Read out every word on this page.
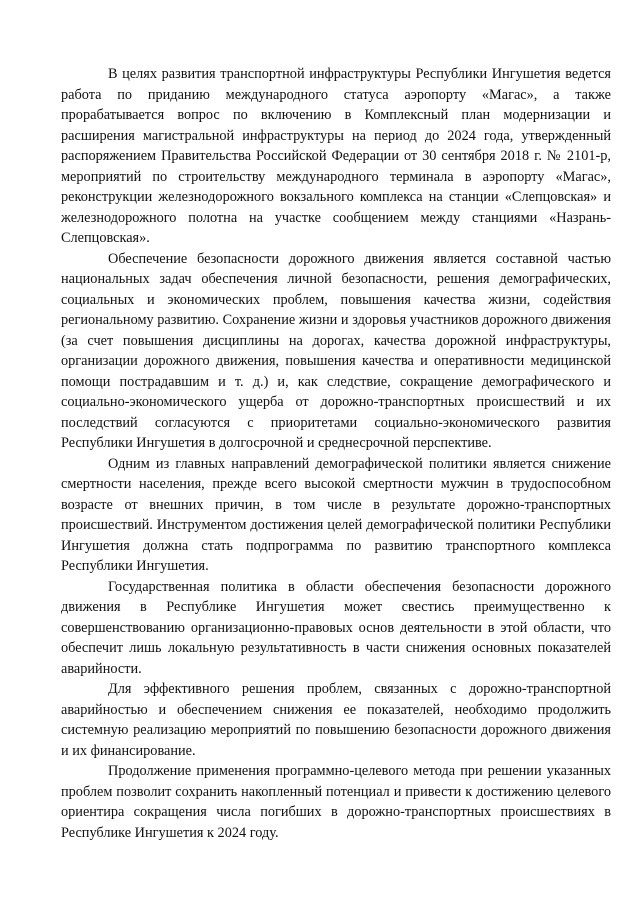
В целях развития транспортной инфраструктуры Республики Ингушетия ведется работа по приданию международного статуса аэропорту «Магас», а также прорабатывается вопрос по включению в Комплексный план модернизации и расширения магистральной инфраструктуры на период до 2024 года, утвержденный распоряжением Правительства Российской Федерации от 30 сентября 2018 г. № 2101-р, мероприятий по строительству международного терминала в аэропорту «Магас», реконструкции железнодорожного вокзального комплекса на станции «Слепцовская» и железнодорожного полотна на участке сообщением между станциями «Назрань-Слепцовская».

Обеспечение безопасности дорожного движения является составной частью национальных задач обеспечения личной безопасности, решения демографических, социальных и экономических проблем, повышения качества жизни, содействия региональному развитию. Сохранение жизни и здоровья участников дорожного движения (за счет повышения дисциплины на дорогах, качества дорожной инфраструктуры, организации дорожного движения, повышения качества и оперативности медицинской помощи пострадавшим и т. д.) и, как следствие, сокращение демографического и социально-экономического ущерба от дорожно-транспортных происшествий и их последствий согласуются с приоритетами социально-экономического развития Республики Ингушетия в долгосрочной и среднесрочной перспективе.

Одним из главных направлений демографической политики является снижение смертности населения, прежде всего высокой смертности мужчин в трудоспособном возрасте от внешних причин, в том числе в результате дорожно-транспортных происшествий. Инструментом достижения целей демографической политики Республики Ингушетия должна стать подпрограмма по развитию транспортного комплекса Республики Ингушетия.

Государственная политика в области обеспечения безопасности дорожного движения в Республике Ингушетия может свестись преимущественно к совершенствованию организационно-правовых основ деятельности в этой области, что обеспечит лишь локальную результативность в части снижения основных показателей аварийности.

Для эффективного решения проблем, связанных с дорожно-транспортной аварийностью и обеспечением снижения ее показателей, необходимо продолжить системную реализацию мероприятий по повышению безопасности дорожного движения и их финансирование.

Продолжение применения программно-целевого метода при решении указанных проблем позволит сохранить накопленный потенциал и привести к достижению целевого ориентира сокращения числа погибших в дорожно-транспортных происшествиях в Республике Ингушетия к 2024 году.
